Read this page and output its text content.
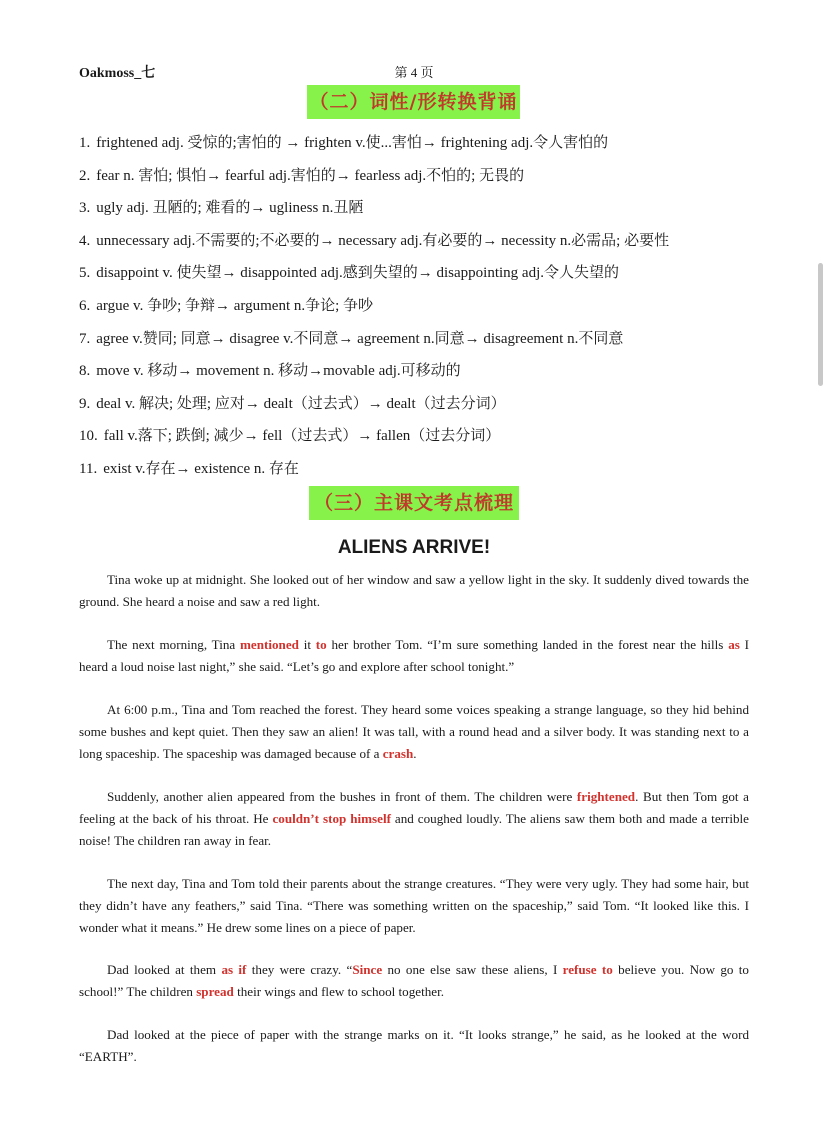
Oakmoss_七	第 4 页
（二）词性/形转换背诵
1. frightened adj. 受惊的;害怕的 → frighten v.使...害怕→ frightening adj.令人害怕的
2. fear n. 害怕; 惧怕→ fearful adj.害怕的→ fearless adj.不怕的; 无畏的
3. ugly adj. 丑陋的; 难看的→ ugliness n.丑陋
4. unnecessary adj.不需要的;不必要的→ necessary adj.有必要的→ necessity n.必需品; 必要性
5. disappoint v. 使失望→ disappointed adj.感到失望的→ disappointing adj.令人失望的
6. argue v. 争吵; 争辩→ argument n.争论; 争吵
7. agree v.赞同; 同意→ disagree v.不同意→ agreement n.同意→ disagreement n.不同意
8. move v. 移动→ movement n. 移动→movable adj.可移动的
9. deal v. 解决; 处理; 应对→ dealt（过去式）→ dealt（过去分词）
10. fall v.落下; 跌倒; 减少→ fell（过去式）→ fallen（过去分词）
11. exist v.存在→ existence n. 存在
（三）主课文考点梳理
ALIENS ARRIVE!

Tina woke up at midnight. She looked out of her window and saw a yellow light in the sky. It suddenly dived towards the ground. She heard a noise and saw a red light.

The next morning, Tina mentioned it to her brother Tom. “I’m sure something landed in the forest near the hills as I heard a loud noise last night,” she said. “Let’s go and explore after school tonight.”

At 6:00 p.m., Tina and Tom reached the forest. They heard some voices speaking a strange language, so they hid behind some bushes and kept quiet. Then they saw an alien! It was tall, with a round head and a silver body. It was standing next to a long spaceship. The spaceship was damaged because of a crash.

Suddenly, another alien appeared from the bushes in front of them. The children were frightened. But then Tom got a feeling at the back of his throat. He couldn’t stop himself and coughed loudly. The aliens saw them both and made a terrible noise! The children ran away in fear.

The next day, Tina and Tom told their parents about the strange creatures. “They were very ugly. They had some hair, but they didn’t have any feathers,” said Tina. “There was something written on the spaceship,” said Tom. “It looked like this. I wonder what it means.” He drew some lines on a piece of paper.

Dad looked at them as if they were crazy. “Since no one else saw these aliens, I refuse to believe you. Now go to school!” The children spread their wings and flew to school together.

Dad looked at the piece of paper with the strange marks on it. “It looks strange,” he said, as he looked at the word “EARTH”.
